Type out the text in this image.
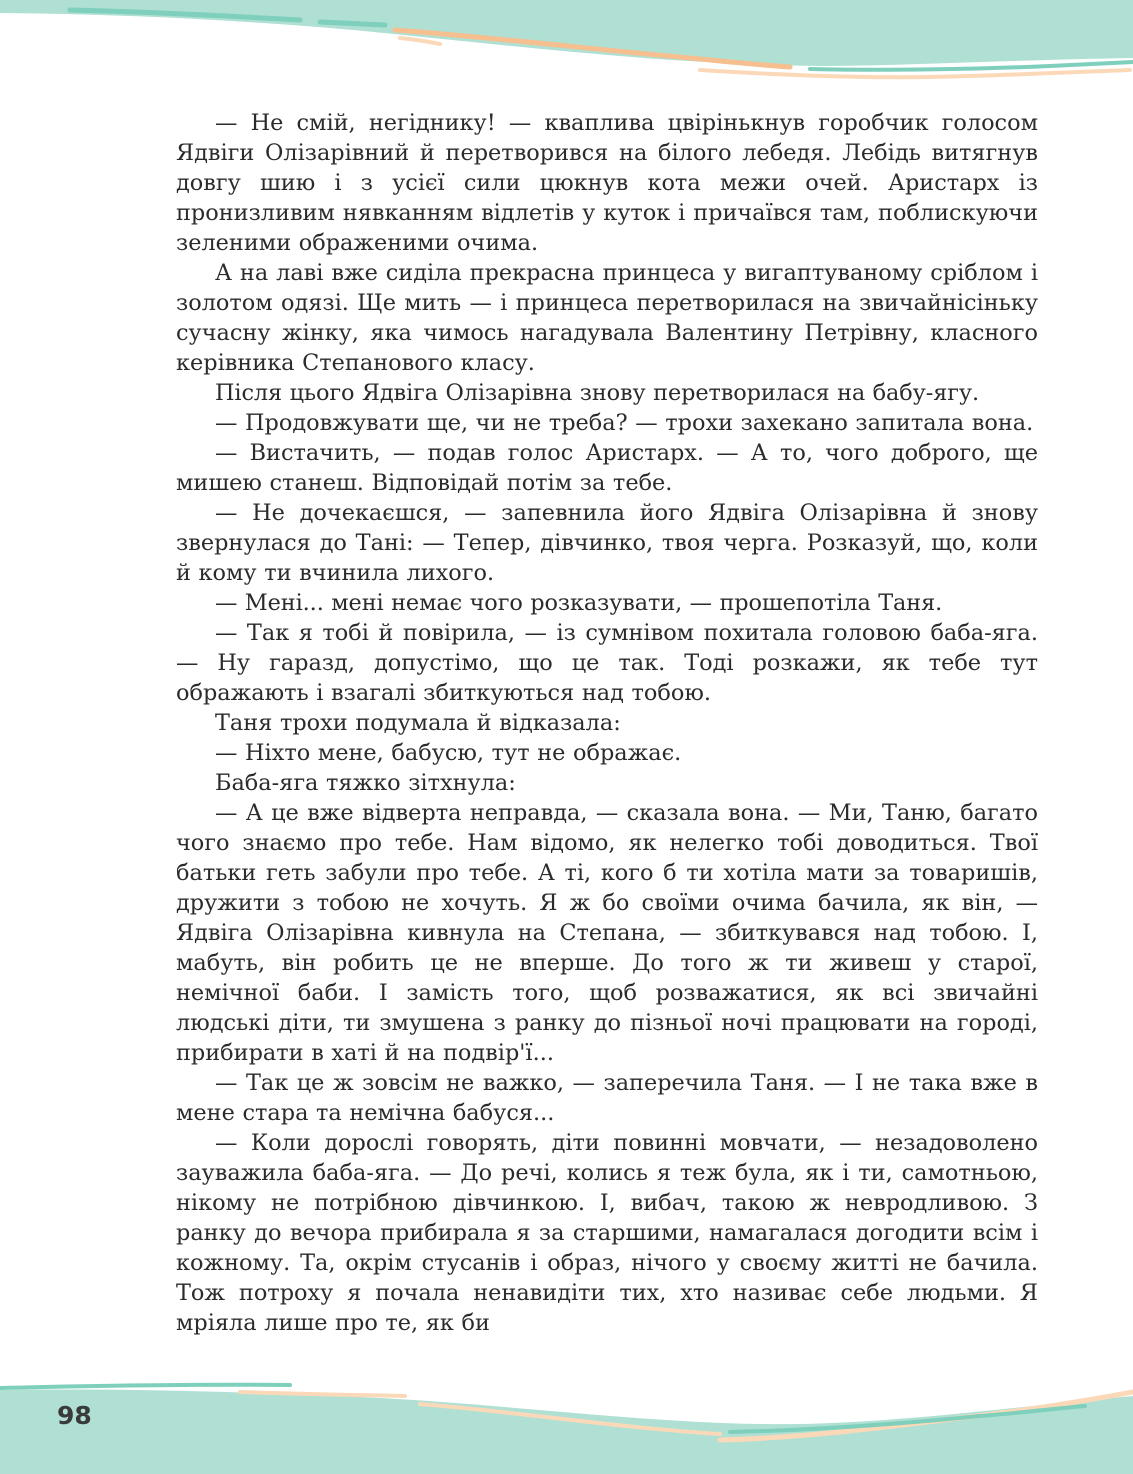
— Не смій, негіднику! — кваплива цвірінькнув горобчик голосом Ядвіги Олізарівний й перетворився на білого лебедя. Лебідь витягнув довгу шию і з усієї сили цюкнув кота межи очей. Аристарх із пронизливим нявканням відлетів у куток і причаївся там, поблискуючи зеленими ображеними очима.

А на лаві вже сиділа прекрасна принцеса у вигаптуваному сріблом і золотом одязі. Ще мить — і принцеса перетворилася на звичайнісіньку сучасну жінку, яка чимось нагадувала Валентину Петрівну, класного керівника Степанового класу.

Після цього Ядвіга Олізарівна знову перетворилася на бабу-ягу.

— Продовжувати ще, чи не треба? — трохи захекано запитала вона.

— Вистачить, — подав голос Аристарх. — А то, чого доброго, ще мишею станеш. Відповідай потім за тебе.

— Не дочекаєшся, — запевнила його Ядвіга Олізарівна й знову звернулася до Тані: — Тепер, дівчинко, твоя черга. Розказуй, що, коли й кому ти вчинила лихого.

— Мені... мені немає чого розказувати, — прошепотіла Таня.

— Так я тобі й повірила, — із сумнівом похитала головою баба-яга. — Ну гаразд, допустімо, що це так. Тоді розкажи, як тебе тут ображають і взагалі збиткуються над тобою.

Таня трохи подумала й відказала:

— Ніхто мене, бабусю, тут не ображає.

Баба-яга тяжко зітхнула:

— А це вже відверта неправда, — сказала вона. — Ми, Таню, багато чого знаємо про тебе. Нам відомо, як нелегко тобі доводиться. Твої батьки геть забули про тебе. А ті, кого б ти хотіла мати за товаришів, дружити з тобою не хочуть. Я ж бо своїми очима бачила, як він, — Ядвіга Олізарівна кивнула на Степана, — збиткувався над тобою. І, мабуть, він робить це не вперше. До того ж ти живеш у старої, немічної баби. І замість того, щоб розважатися, як всі звичайні людські діти, ти змушена з ранку до пізньої ночі працювати на городі, прибирати в хаті й на подвір'ї...

— Так це ж зовсім не важко, — заперечила Таня. — І не така вже в мене стара та немічна бабуся...

— Коли дорослі говорять, діти повинні мовчати, — незадоволено зауважила баба-яга. — До речі, колись я теж була, як і ти, самотньою, нікому не потрібною дівчинкою. І, вибач, такою ж невродливою. З ранку до вечора прибирала я за старшими, намагалася догодити всім і кожному. Та, окрім стусанів і образ, нічого у своєму житті не бачила. Тож потроху я почала ненавидіти тих, хто називає себе людьми. Я мріяла лише про те, як би

98
